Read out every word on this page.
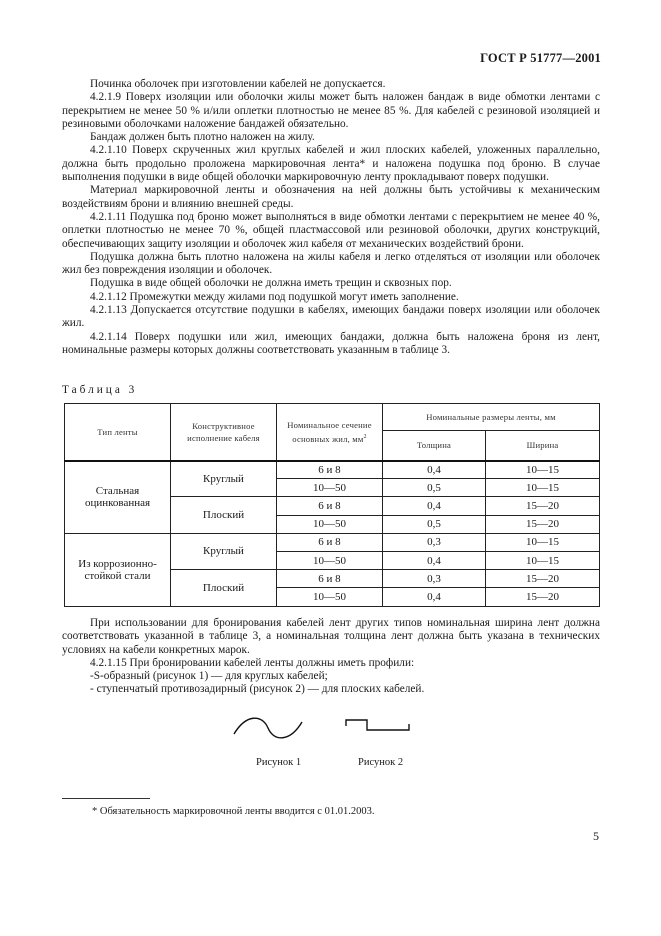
ГОСТ Р 51777—2001

Починка оболочек при изготовлении кабелей не допускается.

4.2.1.9 Поверх изоляции или оболочки жилы может быть наложен бандаж в виде обмотки лентами с перекрытием не менее 50 % и/или оплетки плотностью не менее 85 %. Для кабелей с резиновой изоляцией и резиновыми оболочками наложение бандажей обязательно.

Бандаж должен быть плотно наложен на жилу.

4.2.1.10 Поверх скрученных жил круглых кабелей и жил плоских кабелей, уложенных параллельно, должна быть продольно проложена маркировочная лента* и наложена подушка под броню. В случае выполнения подушки в виде общей оболочки маркировочную ленту прокладывают поверх подушки.

Материал маркировочной ленты и обозначения на ней должны быть устойчивы к механическим воздействиям брони и влиянию внешней среды.

4.2.1.11 Подушка под броню может выполняться в виде обмотки лентами с перекрытием не менее 40 %, оплетки плотностью не менее 70 %, общей пластмассовой или резиновой оболочки, других конструкций, обеспечивающих защиту изоляции и оболочек жил кабеля от механических воздействий брони.

Подушка должна быть плотно наложена на жилы кабеля и легко отделяться от изоляции или оболочек жил без повреждения изоляции и оболочек.

Подушка в виде общей оболочки не должна иметь трещин и сквозных пор.

4.2.1.12 Промежутки между жилами под подушкой могут иметь заполнение.

4.2.1.13 Допускается отсутствие подушки в кабелях, имеющих бандажи поверх изоляции или оболочек жил.

4.2.1.14 Поверх подушки или жил, имеющих бандажи, должна быть наложена броня из лент, номинальные размеры которых должны соответствовать указанным в таблице 3.

Таблица 3
Тип ленты	Конструктивное исполнение кабеля	Номинальное сечение основных жил, $мм^2$	Номинальные размеры ленты, мм	
			Толщина	Ширина
Стальная оцинкованная	Круглый	6 и 8	0,4	10—15
		10—50	0,5	10—15
	Плоский	6 и 8	0,4	15—20
		10—50	0,5	15—20
Из коррозионно-стойкой стали	Круглый	6 и 8	0,3	10—15
		10—50	0,4	10—15
	Плоский	6 и 8	0,3	15—20
		10—50	0,4	15—20

При использовании для бронирования кабелей лент других типов номинальная ширина лент должна соответствовать указанной в таблице 3, а номинальная толщина лент должна быть указана в технических условиях на кабели конкретных марок.

4.2.1.15 При бронировании кабелей ленты должны иметь профили:

-S-образный (рисунок 1) — для круглых кабелей;

- ступенчатый противозадирный (рисунок 2) — для плоских кабелей.

Рисунок 1	Рисунок 2
* Обязательность маркировочной ленты вводится с 01.01.2003.
5
